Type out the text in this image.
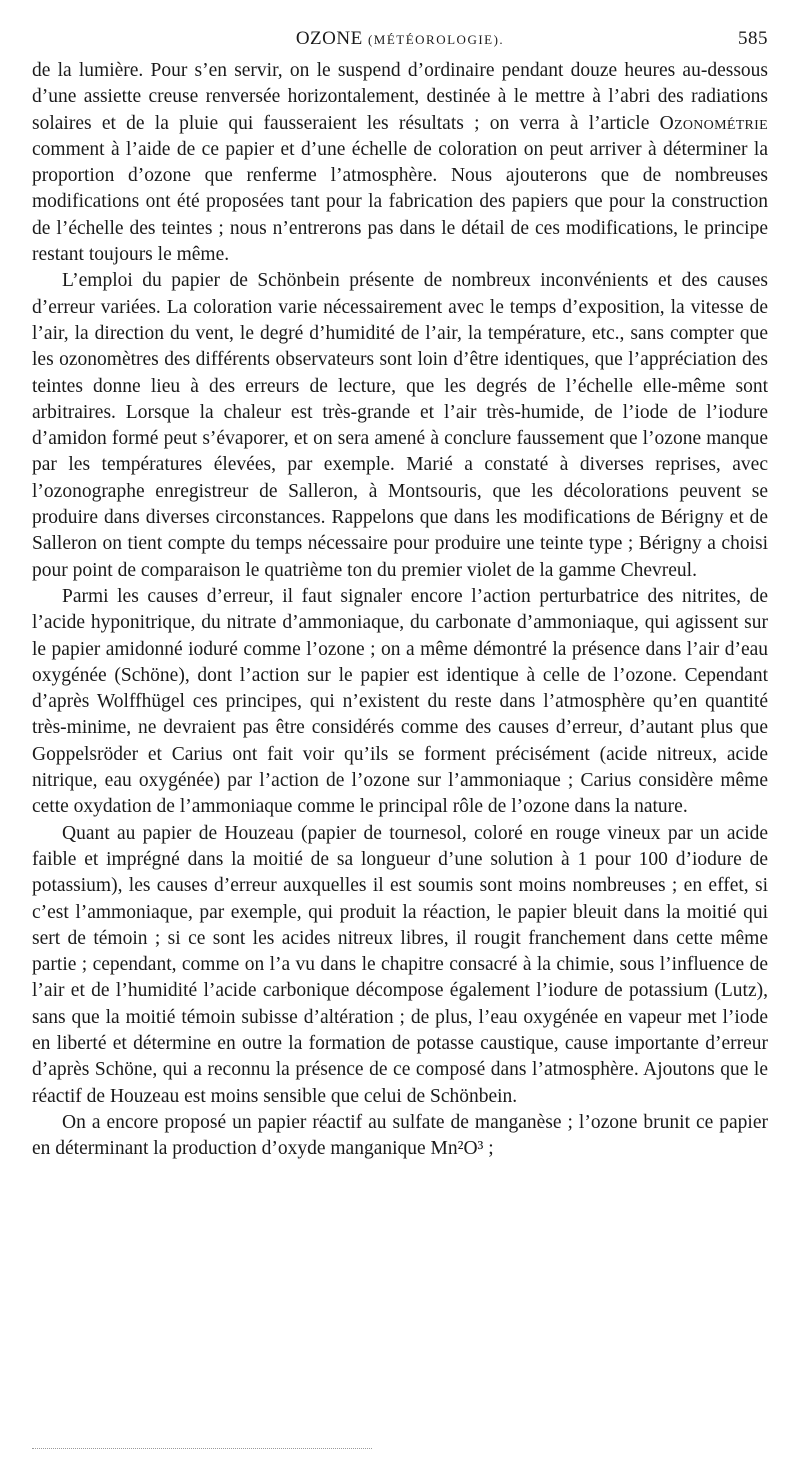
OZONE (MÉTÉOROLOGIE).	585

de la lumière. Pour s’en servir, on le suspend d’ordinaire pendant douze heures au-dessous d’une assiette creuse renversée horizontalement, destinée à le mettre à l’abri des radiations solaires et de la pluie qui fausseraient les résultats ; on verra à l’article Ozonométrie comment à l’aide de ce papier et d’une échelle de coloration on peut arriver à déterminer la proportion d’ozone que renferme l’atmosphère. Nous ajouterons que de nombreuses modifications ont été proposées tant pour la fabrication des papiers que pour la construction de l’échelle des teintes ; nous n’entrerons pas dans le détail de ces modifications, le principe restant toujours le même.

L’emploi du papier de Schönbein présente de nombreux inconvénients et des causes d’erreur variées. La coloration varie nécessairement avec le temps d’exposition, la vitesse de l’air, la direction du vent, le degré d’humidité de l’air, la température, etc., sans compter que les ozonomètres des différents observateurs sont loin d’être identiques, que l’appréciation des teintes donne lieu à des erreurs de lecture, que les degrés de l’échelle elle-même sont arbitraires. Lorsque la chaleur est très-grande et l’air très-humide, de l’iode de l’iodure d’amidon formé peut s’évaporer, et on sera amené à conclure faussement que l’ozone manque par les températures élevées, par exemple. Marié a constaté à diverses reprises, avec l’ozonographe enregistreur de Salleron, à Montsouris, que les décolorations peuvent se produire dans diverses circonstances. Rappelons que dans les modifications de Bérigny et de Salleron on tient compte du temps nécessaire pour produire une teinte type ; Bérigny a choisi pour point de comparaison le quatrième ton du premier violet de la gamme Chevreul.

Parmi les causes d’erreur, il faut signaler encore l’action perturbatrice des nitrites, de l’acide hyponitrique, du nitrate d’ammoniaque, du carbonate d’ammoniaque, qui agissent sur le papier amidonné ioduré comme l’ozone ; on a même démontré la présence dans l’air d’eau oxygénée (Schöne), dont l’action sur le papier est identique à celle de l’ozone. Cependant d’après Wolffhügel ces principes, qui n’existent du reste dans l’atmosphère qu’en quantité très-minime, ne devraient pas être considérés comme des causes d’erreur, d’autant plus que Goppelsröder et Carius ont fait voir qu’ils se forment précisément (acide nitreux, acide nitrique, eau oxygénée) par l’action de l’ozone sur l’ammoniaque ; Carius considère même cette oxydation de l’ammoniaque comme le principal rôle de l’ozone dans la nature.

Quant au papier de Houzeau (papier de tournesol, coloré en rouge vineux par un acide faible et imprégné dans la moitié de sa longueur d’une solution à 1 pour 100 d’iodure de potassium), les causes d’erreur auxquelles il est soumis sont moins nombreuses ; en effet, si c’est l’ammoniaque, par exemple, qui produit la réaction, le papier bleuit dans la moitié qui sert de témoin ; si ce sont les acides nitreux libres, il rougit franchement dans cette même partie ; cependant, comme on l’a vu dans le chapitre consacré à la chimie, sous l’influence de l’air et de l’humidité l’acide carbonique décompose également l’iodure de potassium (Lutz), sans que la moitié témoin subisse d’altération ; de plus, l’eau oxygénée en vapeur met l’iode en liberté et détermine en outre la formation de potasse caustique, cause importante d’erreur d’après Schöne, qui a reconnu la présence de ce composé dans l’atmosphère. Ajoutons que le réactif de Houzeau est moins sensible que celui de Schönbein.

On a encore proposé un papier réactif au sulfate de manganèse ; l’ozone brunit ce papier en déterminant la production d’oxyde manganique Mn²O³ ;
